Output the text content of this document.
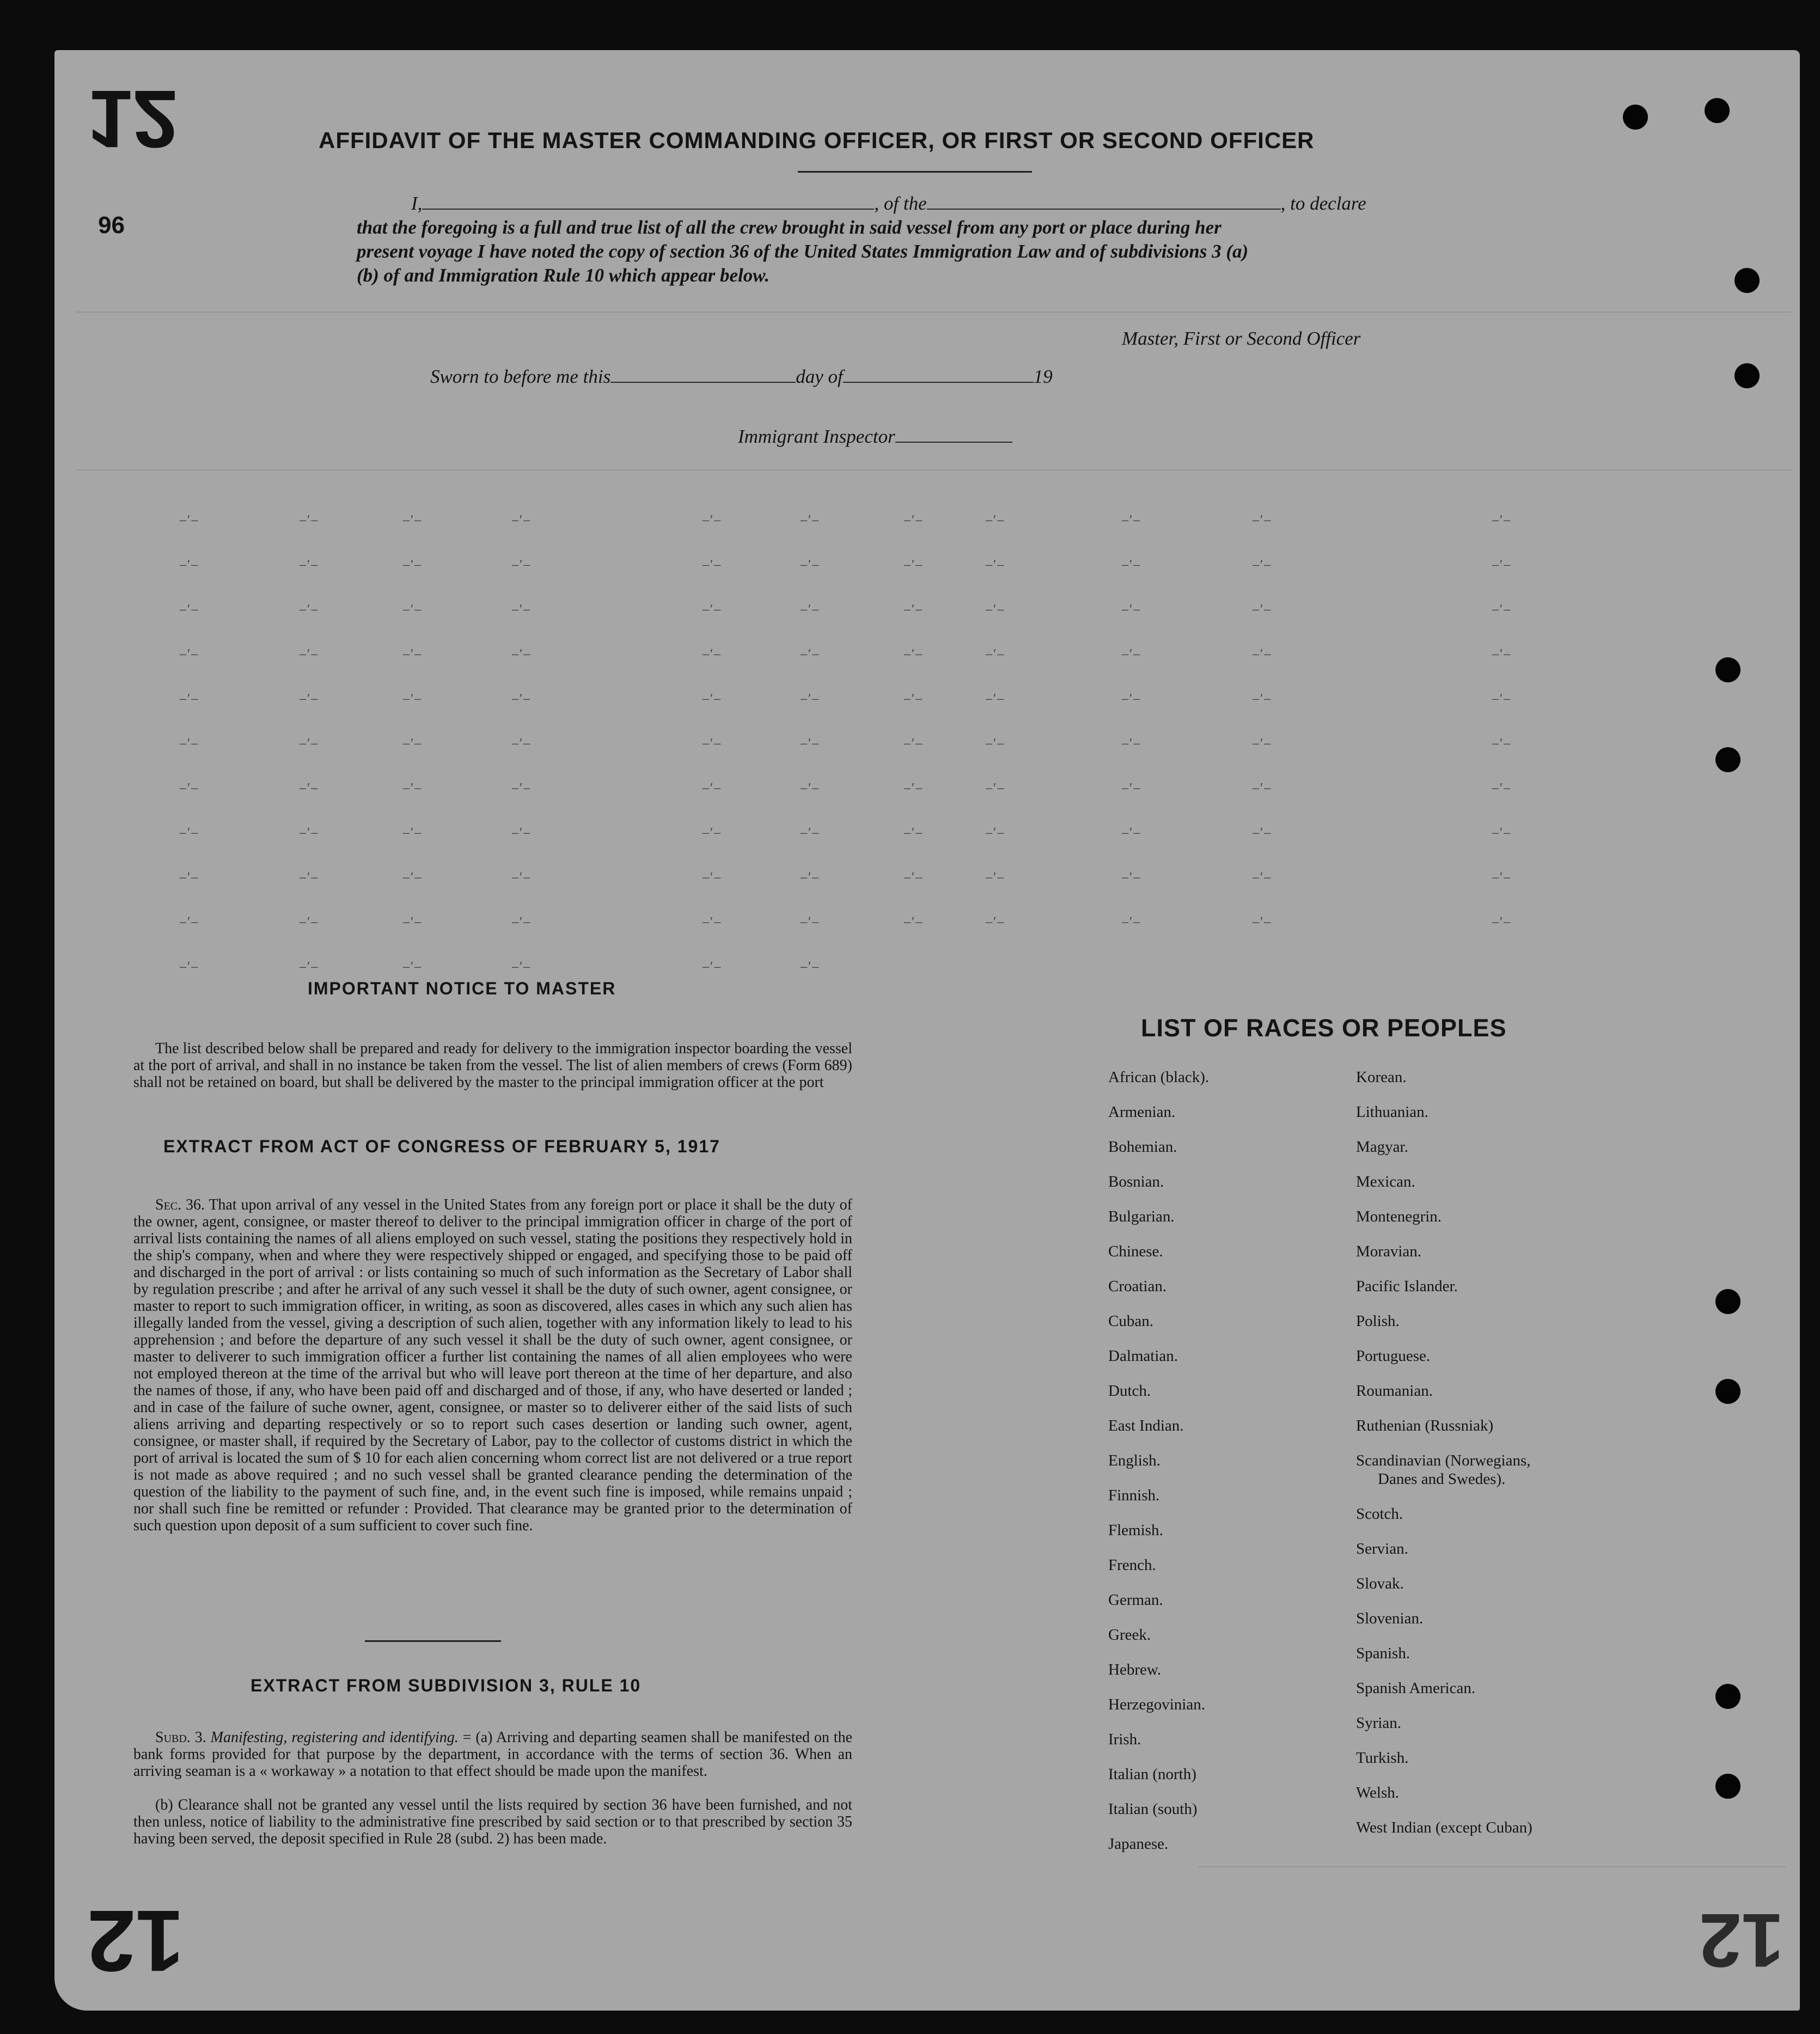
12
96
12	12
–ʹ–	–ʹ–	–ʹ–	–ʹ–	–ʹ–	–ʹ–	–ʹ–	–ʹ–	–ʹ–	–ʹ–	–ʹ–
–ʹ–	–ʹ–	–ʹ–	–ʹ–	–ʹ–	–ʹ–	–ʹ–	–ʹ–	–ʹ–	–ʹ–	–ʹ–
–ʹ–	–ʹ–	–ʹ–	–ʹ–	–ʹ–	–ʹ–	–ʹ–	–ʹ–	–ʹ–	–ʹ–	–ʹ–
–ʹ–	–ʹ–	–ʹ–	–ʹ–	–ʹ–	–ʹ–	–ʹ–	–ʹ–	–ʹ–	–ʹ–	–ʹ–
–ʹ–	–ʹ–	–ʹ–	–ʹ–	–ʹ–	–ʹ–	–ʹ–	–ʹ–	–ʹ–	–ʹ–	–ʹ–
–ʹ–	–ʹ–	–ʹ–	–ʹ–	–ʹ–	–ʹ–	–ʹ–	–ʹ–	–ʹ–	–ʹ–	–ʹ–
–ʹ–	–ʹ–	–ʹ–	–ʹ–	–ʹ–	–ʹ–	–ʹ–	–ʹ–	–ʹ–	–ʹ–	–ʹ–
–ʹ–	–ʹ–	–ʹ–	–ʹ–	–ʹ–	–ʹ–	–ʹ–	–ʹ–	–ʹ–	–ʹ–	–ʹ–
–ʹ–	–ʹ–	–ʹ–	–ʹ–	–ʹ–	–ʹ–	–ʹ–	–ʹ–	–ʹ–	–ʹ–	–ʹ–
–ʹ–	–ʹ–	–ʹ–	–ʹ–	–ʹ–	–ʹ–	–ʹ–	–ʹ–	–ʹ–	–ʹ–	–ʹ–
–ʹ–	–ʹ–	–ʹ–	–ʹ–	–ʹ–	–ʹ–
AFFIDAVIT OF THE MASTER COMMANDING OFFICER, OR FIRST OR SECOND OFFICER
I,	, of the	, to declare
that the foregoing is a full and true list of all the crew brought in said vessel from any port or place during her
present voyage I have noted the copy of section 36 of the United States Immigration Law and of subdivisions 3 (a)
(b) of and Immigration Rule 10 which appear below.
Master, First or Second Officer
Sworn to before me this	day of	19
Immigrant Inspector
IMPORTANT NOTICE TO MASTER
The list described below shall be prepared and ready for delivery to the immigration inspector boarding the vessel at the port of arrival, and shall in no instance be taken from the vessel. The list of alien members of crews (Form 689) shall not be retained on board, but shall be delivered by the master to the principal immigration officer at the port
EXTRACT FROM ACT OF CONGRESS OF FEBRUARY 5, 1917
Sec. 36. That upon arrival of any vessel in the United States from any foreign port or place it shall be the duty of the owner, agent, consignee, or master thereof to deliver to the principal immigration officer in charge of the port of arrival lists containing the names of all aliens employed on such vessel, stating the positions they respectively hold in the ship's company, when and where they were respectively shipped or engaged, and specifying those to be paid off and discharged in the port of arrival : or lists containing so much of such information as the Secretary of Labor shall by regulation prescribe ; and after he arrival of any such vessel it shall be the duty of such owner, agent consignee, or master to report to such immigration officer, in writing, as soon as discovered, alles cases in which any such alien has illegally landed from the vessel, giving a description of such alien, together with any information likely to lead to his apprehension ; and before the departure of any such vessel it shall be the duty of such owner, agent consignee, or master to deliverer to such immigration officer a further list containing the names of all alien employees who were not employed thereon at the time of the arrival but who will leave port thereon at the time of her departure, and also the names of those, if any, who have been paid off and discharged and of those, if any, who have deserted or landed ; and in case of the failure of suche owner, agent, consignee, or master so to deliverer either of the said lists of such aliens arriving and departing respectively or so to report such cases desertion or landing such owner, agent, consignee, or master shall, if required by the Secretary of Labor, pay to the collector of customs district in which the port of arrival is located the sum of $ 10 for each alien concerning whom correct list are not delivered or a true report is not made as above required ; and no such vessel shall be granted clearance pending the determination of the question of the liability to the payment of such fine, and, in the event such fine is imposed, while remains unpaid ; nor shall such fine be remitted or refunder : Provided. That clearance may be granted prior to the determination of such question upon deposit of a sum sufficient to cover such fine.
EXTRACT FROM SUBDIVISION 3, RULE 10
Subd. 3. Manifesting, registering and identifying. = (a) Arriving and departing seamen shall be manifested on the bank forms provided for that purpose by the department, in accordance with the terms of section 36. When an arriving seaman is a « workaway » a notation to that effect should be made upon the manifest.
(b) Clearance shall not be granted any vessel until the lists required by section 36 have been furnished, and not then unless, notice of liability to the administrative fine prescribed by said section or to that prescribed by section 35 having been served, the deposit specified in Rule 28 (subd. 2) has been made.
LIST OF RACES OR PEOPLES
African (black).
Armenian.
Bohemian.
Bosnian.
Bulgarian.
Chinese.
Croatian.
Cuban.
Dalmatian.
Dutch.
East Indian.
English.
Finnish.
Flemish.
French.
German.
Greek.
Hebrew.
Herzegovinian.
Irish.
Italian (north)
Italian (south)
Japanese.
Korean.
Lithuanian.
Magyar.
Mexican.
Montenegrin.
Moravian.
Pacific Islander.
Polish.
Portuguese.
Roumanian.
Ruthenian (Russniak)
Scandinavian (Norwegians,
Danes and Swedes).
Scotch.
Servian.
Slovak.
Slovenian.
Spanish.
Spanish American.
Syrian.
Turkish.
Welsh.
West Indian (except Cuban)
